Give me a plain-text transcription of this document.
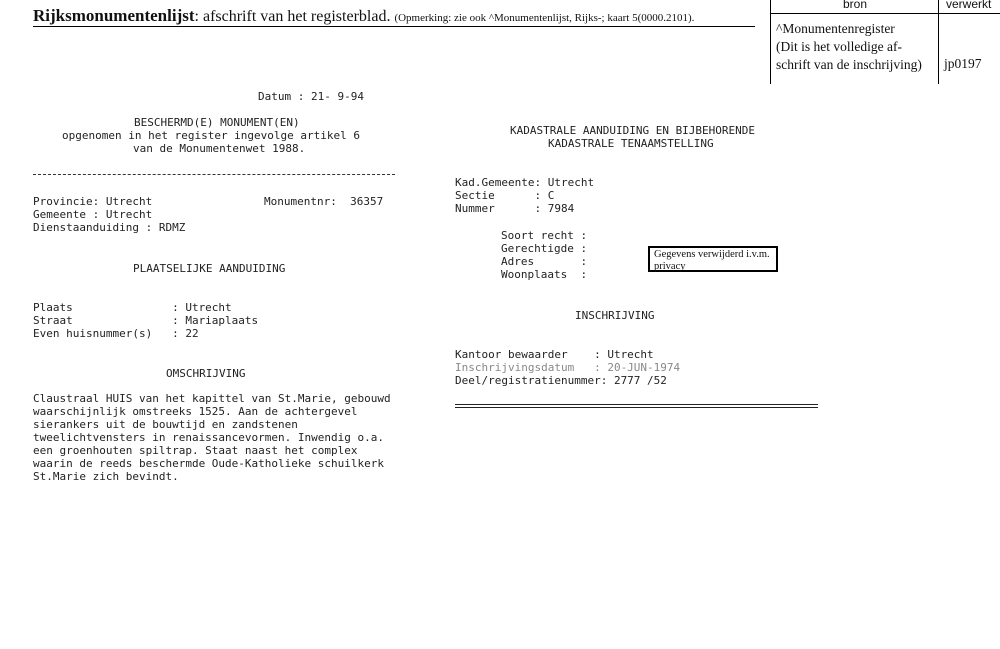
Rijksmonumentenlijst: afschrift van het registerblad. (Opmerking: zie ook ^Monumentenlijst, Rijks-; kaart 5(0000.2101).
bron	verwerkt
^Monumentenregister
(Dit is het volledige af-
schrift van de inschrijving) jp0197
Datum : 21- 9-94
BESCHERMD(E) MONUMENT(EN)
opgenomen in het register ingevolge artikel 6
van de Monumentenwet 1988.
Provincie: Utrecht	Monumentnr:  36357
Gemeente : Utrecht
Dienstaanduiding : RDMZ
PLAATSELIJKE AANDUIDING
Plaats               : Utrecht
Straat               : Mariaplaats
Even huisnummer(s)   : 22
OMSCHRIJVING
Claustraal HUIS van het kapittel van St.Marie, gebouwd
waarschijnlijk omstreeks 1525. Aan de achtergevel
sierankers uit de bouwtijd en zandstenen
tweelichtvensters in renaissancevormen. Inwendig o.a.
een groenhouten spiltrap. Staat naast het complex
waarin de reeds beschermde Oude-Katholieke schuilkerk
St.Marie zich bevindt.
KADASTRALE AANDUIDING EN BIJBEHORENDE
KADASTRALE TENAAMSTELLING
Kad.Gemeente: Utrecht
Sectie      : C
Nummer      : 7984
Soort recht :
Gerechtigde :
Adres       :
Woonplaats  :
Gegevens verwijderd i.v.m. privacy
INSCHRIJVING
Kantoor bewaarder    : Utrecht
Inschrijvingsdatum   : 20-JUN-1974
Deel/registratienummer: 2777 /52
